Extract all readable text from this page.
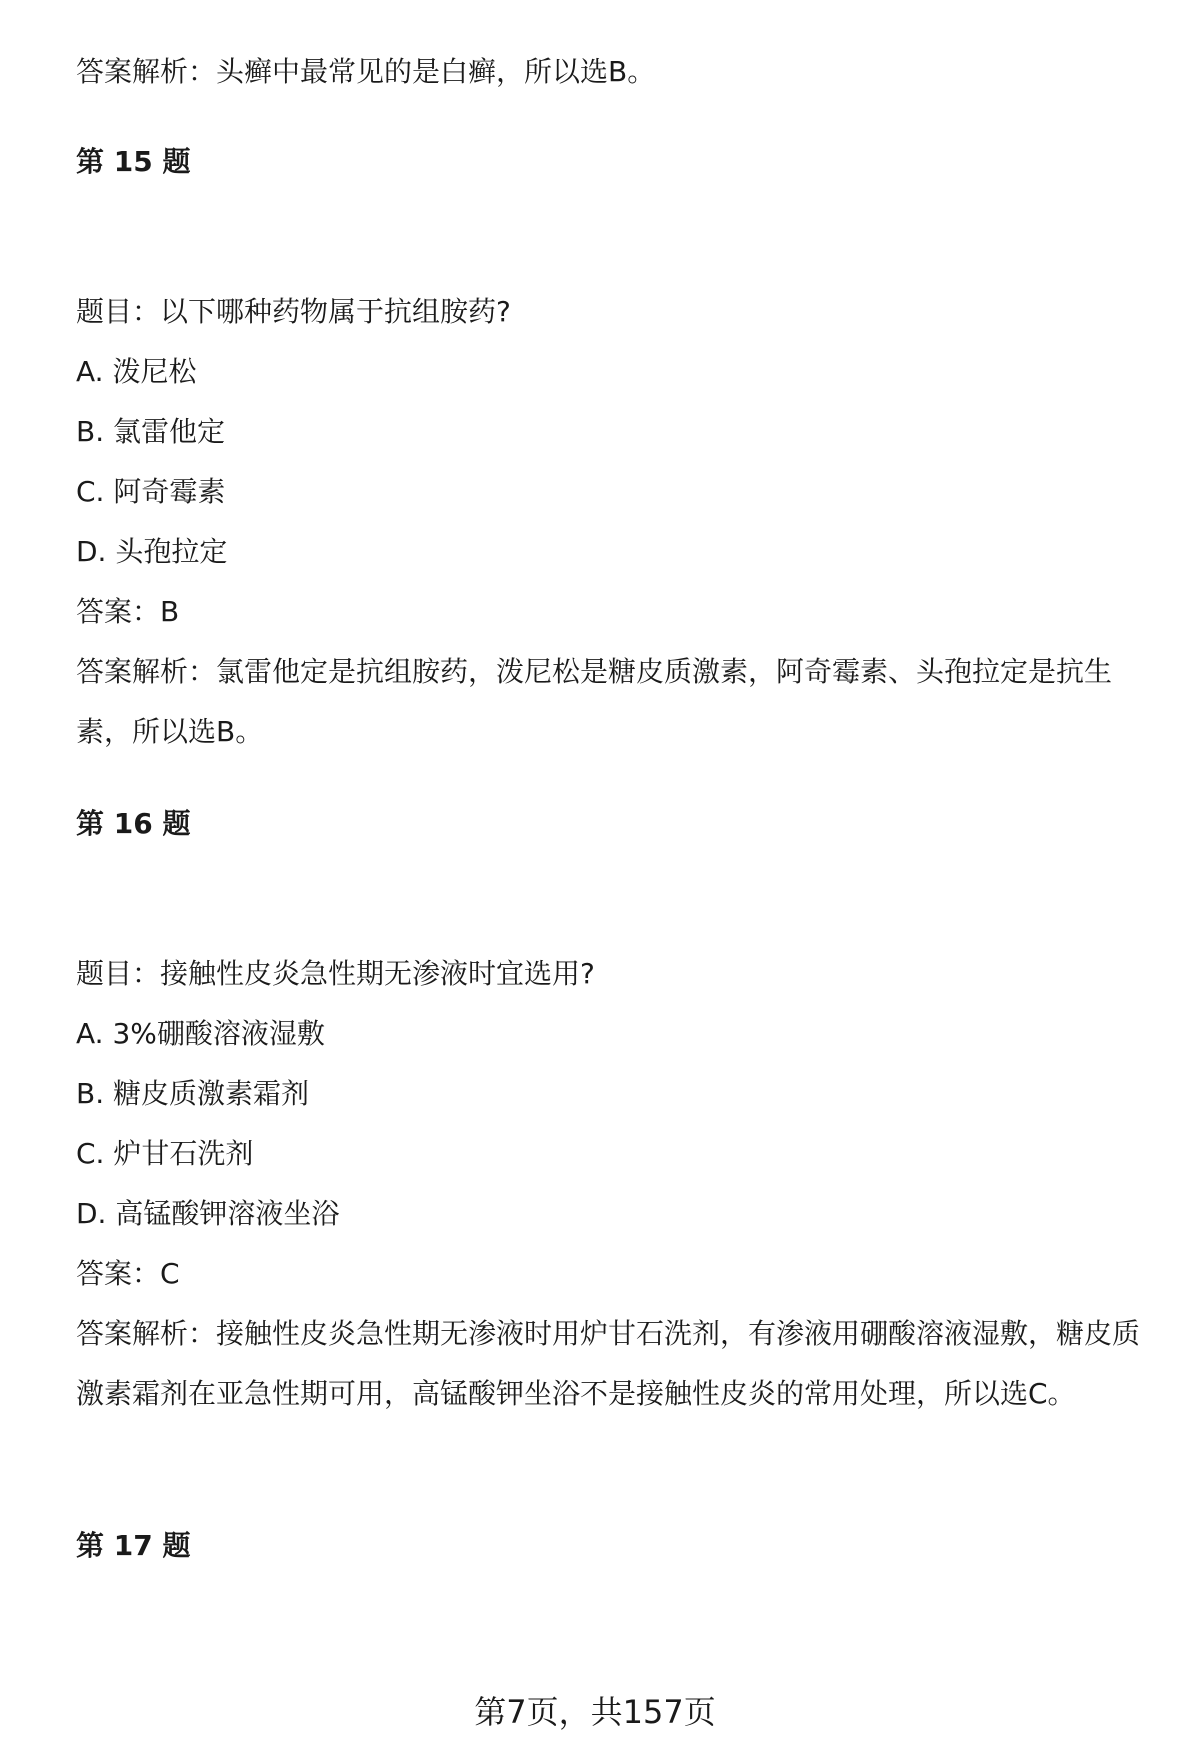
答案解析：头癣中最常见的是白癣，所以选B。

第 15 题

题目：以下哪种药物属于抗组胺药?

A. 泼尼松

B. 氯雷他定

C. 阿奇霉素

D. 头孢拉定

答案：B

答案解析：氯雷他定是抗组胺药，泼尼松是糖皮质激素，阿奇霉素、头孢拉定是抗生素，所以选B。

第 16 题

题目：接触性皮炎急性期无渗液时宜选用?

A. 3%硼酸溶液湿敷

B. 糖皮质激素霜剂

C. 炉甘石洗剂

D. 高锰酸钾溶液坐浴

答案：C

答案解析：接触性皮炎急性期无渗液时用炉甘石洗剂，有渗液用硼酸溶液湿敷，糖皮质激素霜剂在亚急性期可用，高锰酸钾坐浴不是接触性皮炎的常用处理，所以选C。

第 17 题

第7页，共157页
